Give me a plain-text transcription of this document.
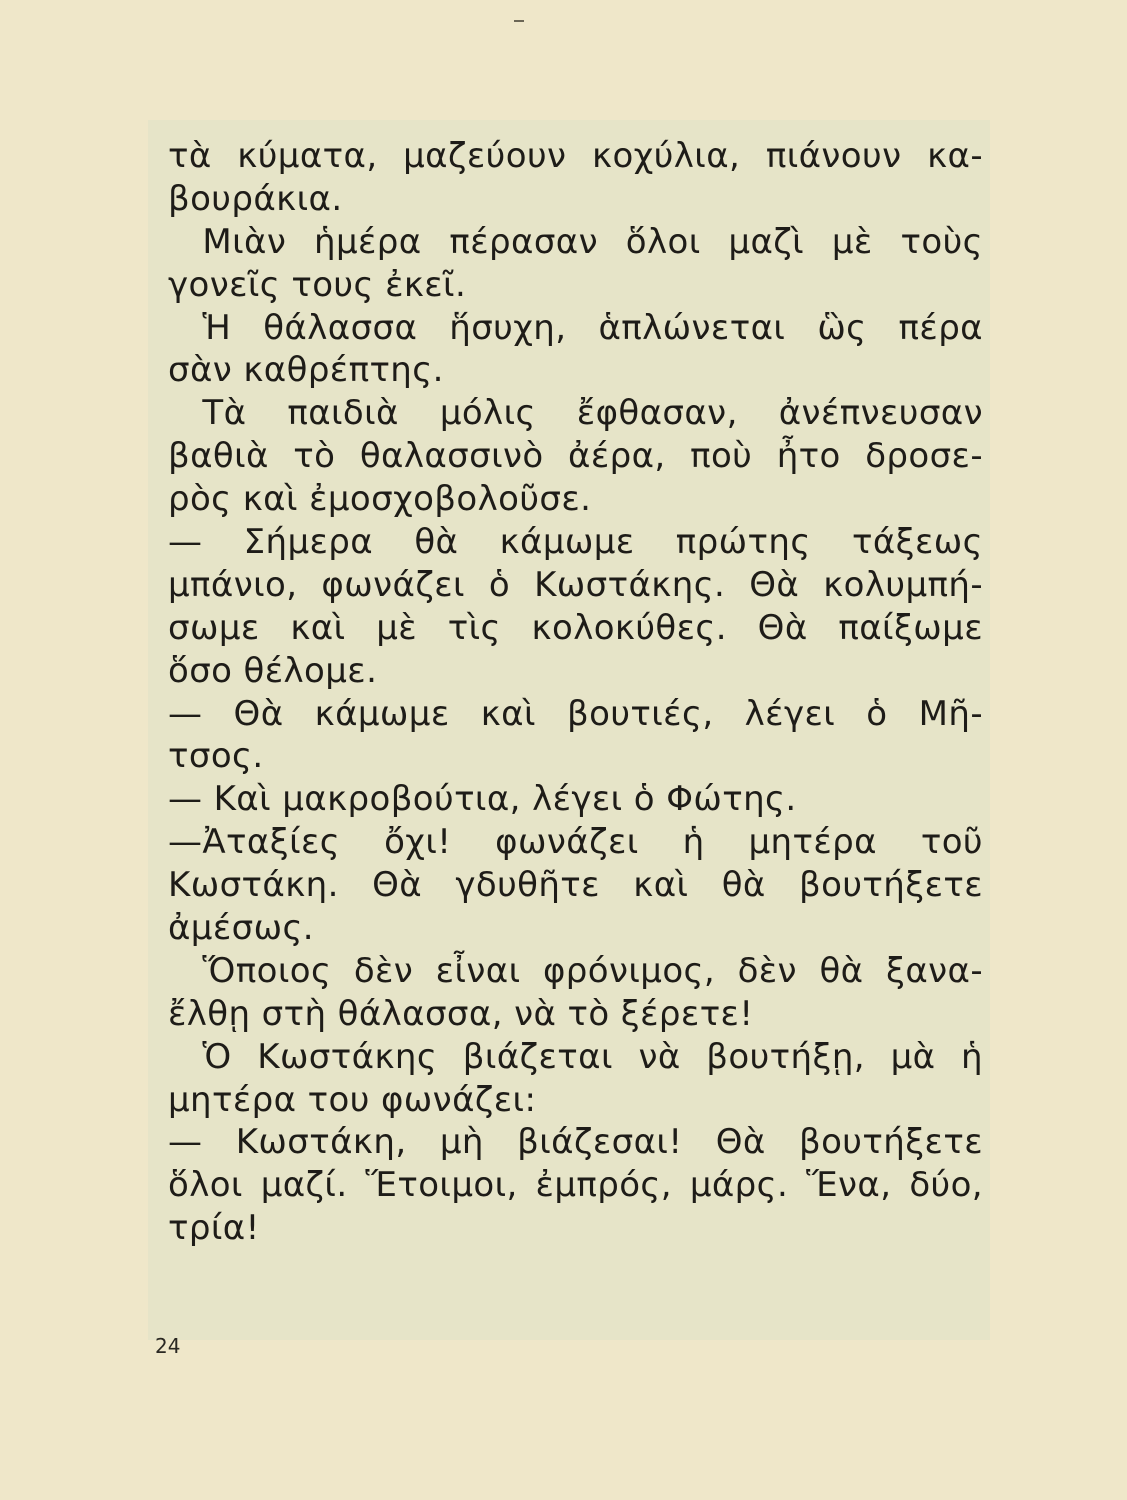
τὰ κύματα, μαζεύουν κοχύλια, πιάνουν κα-
βουράκια.
 Μιὰν ἡμέρα πέρασαν ὅλοι μαζὶ μὲ τοὺς
γονεῖς τους ἐκεῖ.
 Ἡ θάλασσα ἥσυχη, ἁπλώνεται ὣς πέρα
σὰν καθρέπτης.
 Τὰ παιδιὰ μόλις ἔφθασαν, ἀνέπνευσαν
βαθιὰ τὸ θαλασσινὸ ἀέρα, ποὺ ἦτο δροσε-
ρὸς καὶ ἐμοσχοβολοῦσε.
— Σήμερα θὰ κάμωμε πρώτης τάξεως
μπάνιο, φωνάζει ὁ Κωστάκης. Θὰ κολυμπή-
σωμε καὶ μὲ τὶς κολοκύθες. Θὰ παίξωμε
ὅσο θέλομε.
— Θὰ κάμωμε καὶ βουτιές, λέγει ὁ Μῆ-
τσος.
— Καὶ μακροβούτια, λέγει ὁ Φώτης.
—Ἀταξίες ὄχι! φωνάζει ἡ μητέρα τοῦ
Κωστάκη. Θὰ γδυθῆτε καὶ θὰ βουτήξετε
ἀμέσως.
 Ὅποιος δὲν εἶναι φρόνιμος, δὲν θὰ ξανα-
ἔλθῃ στὴ θάλασσα, νὰ τὸ ξέρετε!
 Ὁ Κωστάκης βιάζεται νὰ βουτήξῃ, μὰ ἡ
μητέρα του φωνάζει:
— Κωστάκη, μὴ βιάζεσαι! Θὰ βουτήξετε
ὅλοι μαζί. Ἕτοιμοι, ἐμπρός, μάρς. Ἕνα, δύο,
τρία!
24
